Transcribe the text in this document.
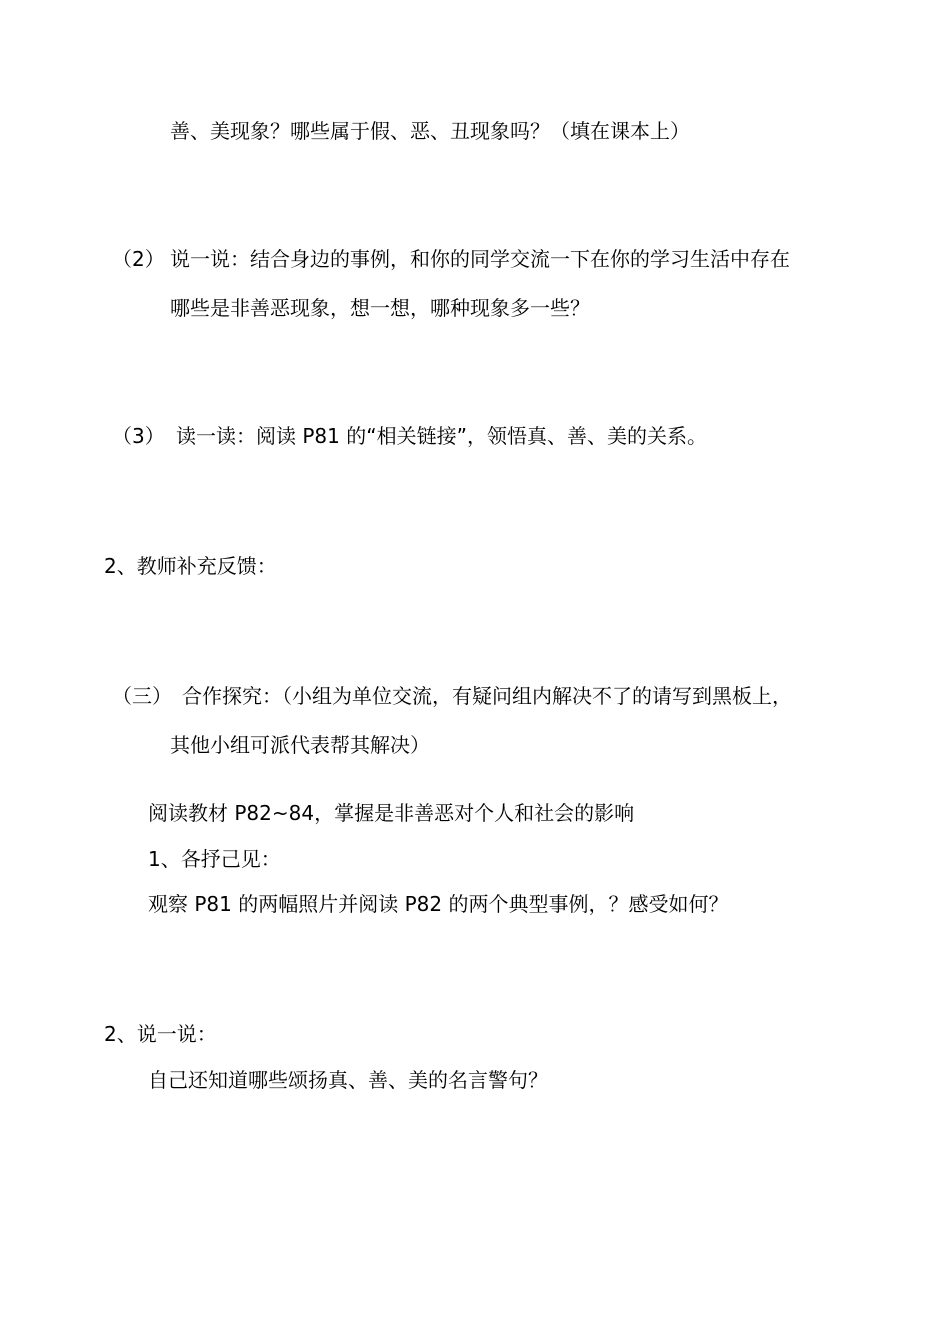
善、美现象？哪些属于假、恶、丑现象吗？（填在课本上）
（2） 说一说：结合身边的事例，和你的同学交流一下在你的学习生活中存在
哪些是非善恶现象，想一想，哪种现象多一些？
（3） 读一读：阅读 P81 的“相关链接”，领悟真、善、美的关系。
2、教师补充反馈：
（三） 合作探究：（小组为单位交流，有疑问组内解决不了的请写到黑板上，
其他小组可派代表帮其解决）
阅读教材 P82~84，掌握是非善恶对个人和社会的影响
1、各抒己见：
观察 P81 的两幅照片并阅读 P82 的两个典型事例，？感受如何？
2、说一说：
自己还知道哪些颂扬真、善、美的名言警句？
